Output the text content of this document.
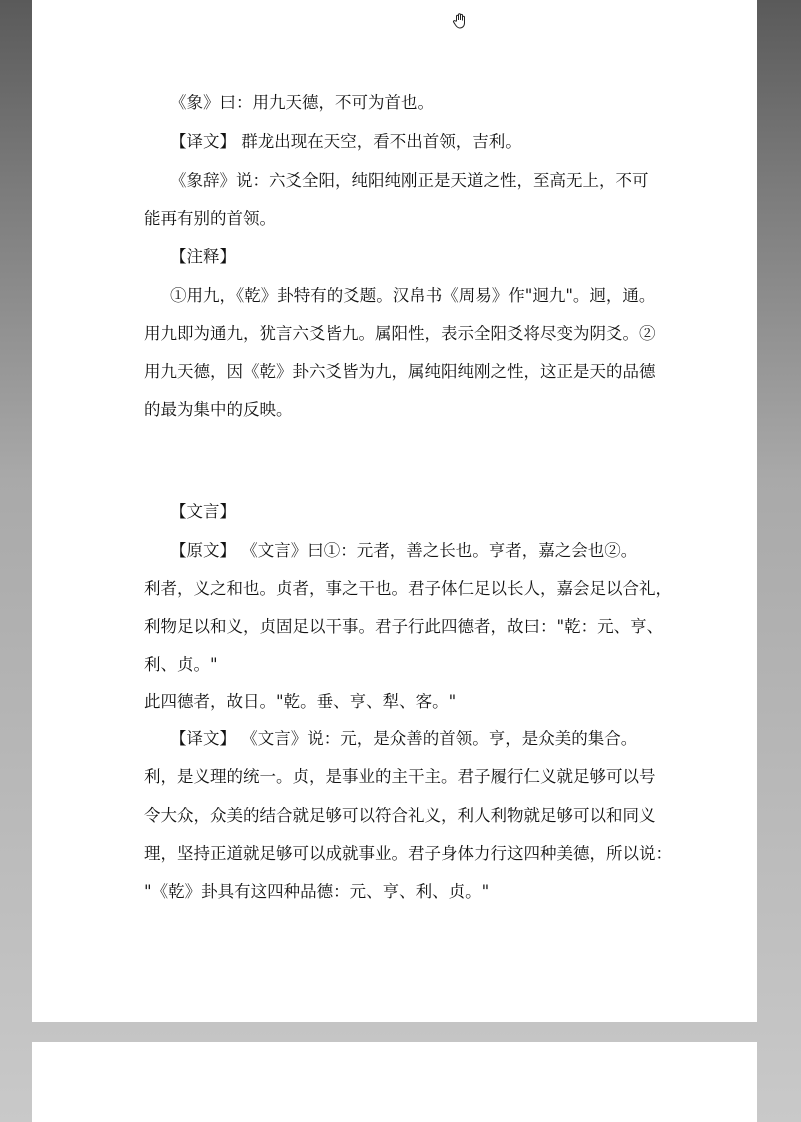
《象》曰：用九天德，不可为首也。

【译文】 群龙出现在天空，看不出首领，吉利。

《象辞》说：六爻全阳，纯阳纯刚正是天道之性，至高无上，不可

能再有别的首领。

【注释】

①用九，《乾》卦特有的爻题。汉帛书《周易》作"迥九"。迥，通。

用九即为通九，犹言六爻皆九。属阳性，表示全阳爻将尽变为阴爻。②

用九天德，因《乾》卦六爻皆为九，属纯阳纯刚之性，这正是天的品德

的最为集中的反映。

【文言】

【原文】 《文言》曰①：元者，善之长也。亨者，嘉之会也②。

利者，义之和也。贞者，事之干也。君子体仁足以长人，嘉会足以合礼，

利物足以和义，贞固足以干事。君子行此四德者，故曰："乾：元、亨、

利、贞。"

此四德者，故日。"乾。垂、亨、犁、客。"

【译文】 《文言》说：元，是众善的首领。亨，是众美的集合。

利，是义理的统一。贞，是事业的主干主。君子履行仁义就足够可以号

令大众，众美的结合就足够可以符合礼义，利人利物就足够可以和同义

理，坚持正道就足够可以成就事业。君子身体力行这四种美德，所以说：

"《乾》卦具有这四种品德：元、亨、利、贞。"
